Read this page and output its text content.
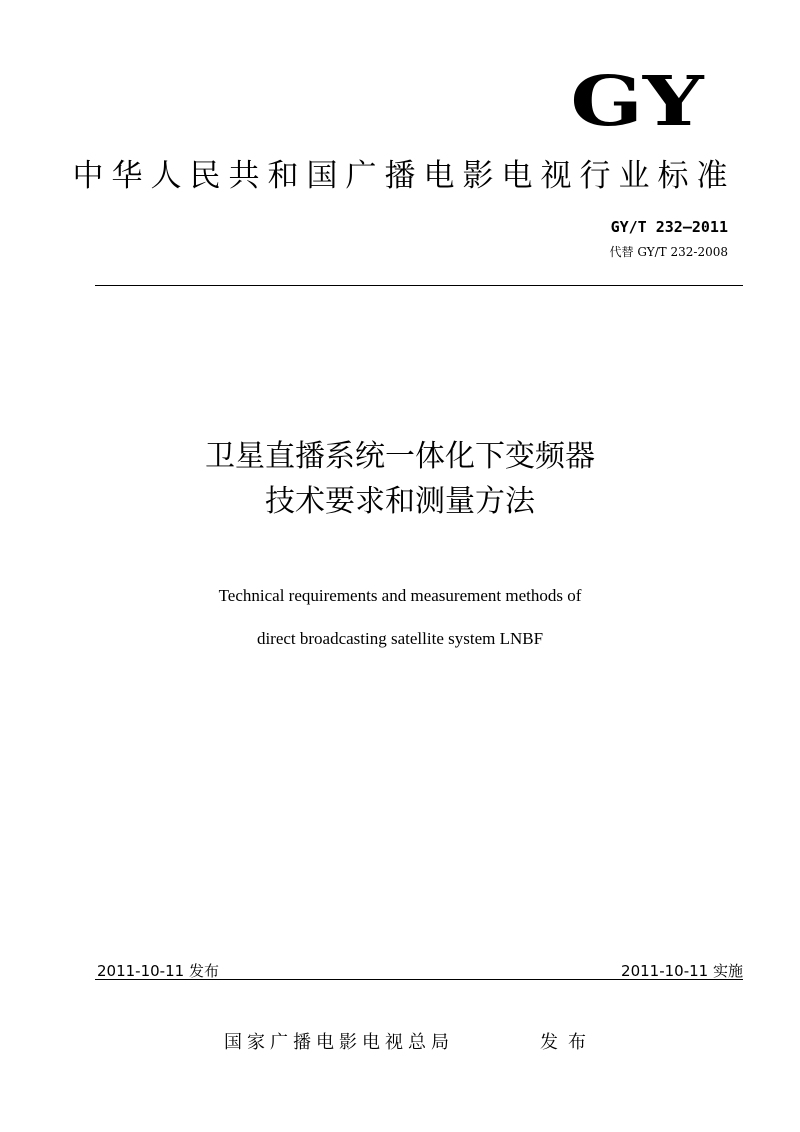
GY
中华人民共和国广播电影电视行业标准
GY/T 232—2011
代替 GY/T 232-2008
卫星直播系统一体化下变频器
技术要求和测量方法
Technical requirements and measurement methods of
direct broadcasting satellite system LNBF
2011-10-11 发布	2011-10-11 实施
国家广播电影电视总局	发布
